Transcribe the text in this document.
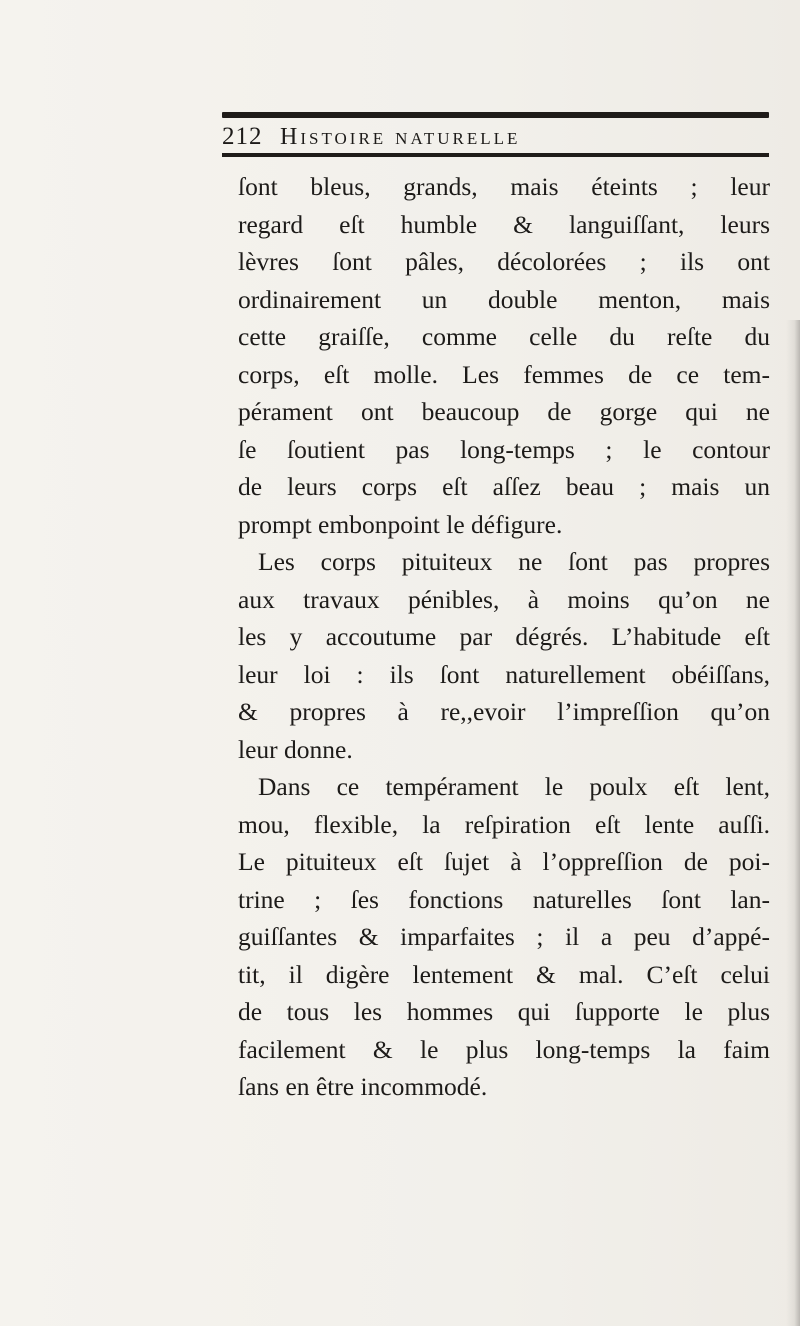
212 Histoire naturelle
ſont bleus, grands, mais éteints ; leur
regard eſt humble & languiſſant, leurs
lèvres ſont pâles, décolorées ; ils ont
ordinairement un double menton, mais
cette graiſſe, comme celle du reſte du
corps, eſt molle. Les femmes de ce tem-
pérament ont beaucoup de gorge qui ne
ſe ſoutient pas long-temps ; le contour
de leurs corps eſt aſſez beau ; mais un
prompt embonpoint le défigure.
Les corps pituiteux ne ſont pas propres
aux travaux pénibles, à moins qu’on ne
les y accoutume par dégrés. L’habitude eſt
leur loi : ils ſont naturellement obéiſſans,
& propres à re,,evoir l’impreſſion qu’on
leur donne.
Dans ce tempérament le poulx eſt lent,
mou, flexible, la reſpiration eſt lente auſſi.
Le pituiteux eſt ſujet à l’oppreſſion de poi-
trine ; ſes fonctions naturelles ſont lan-
guiſſantes & imparfaites ; il a peu d’appé-
tit, il digère lentement & mal. C’eſt celui
de tous les hommes qui ſupporte le plus
facilement & le plus long-temps la faim
ſans en être incommodé.
